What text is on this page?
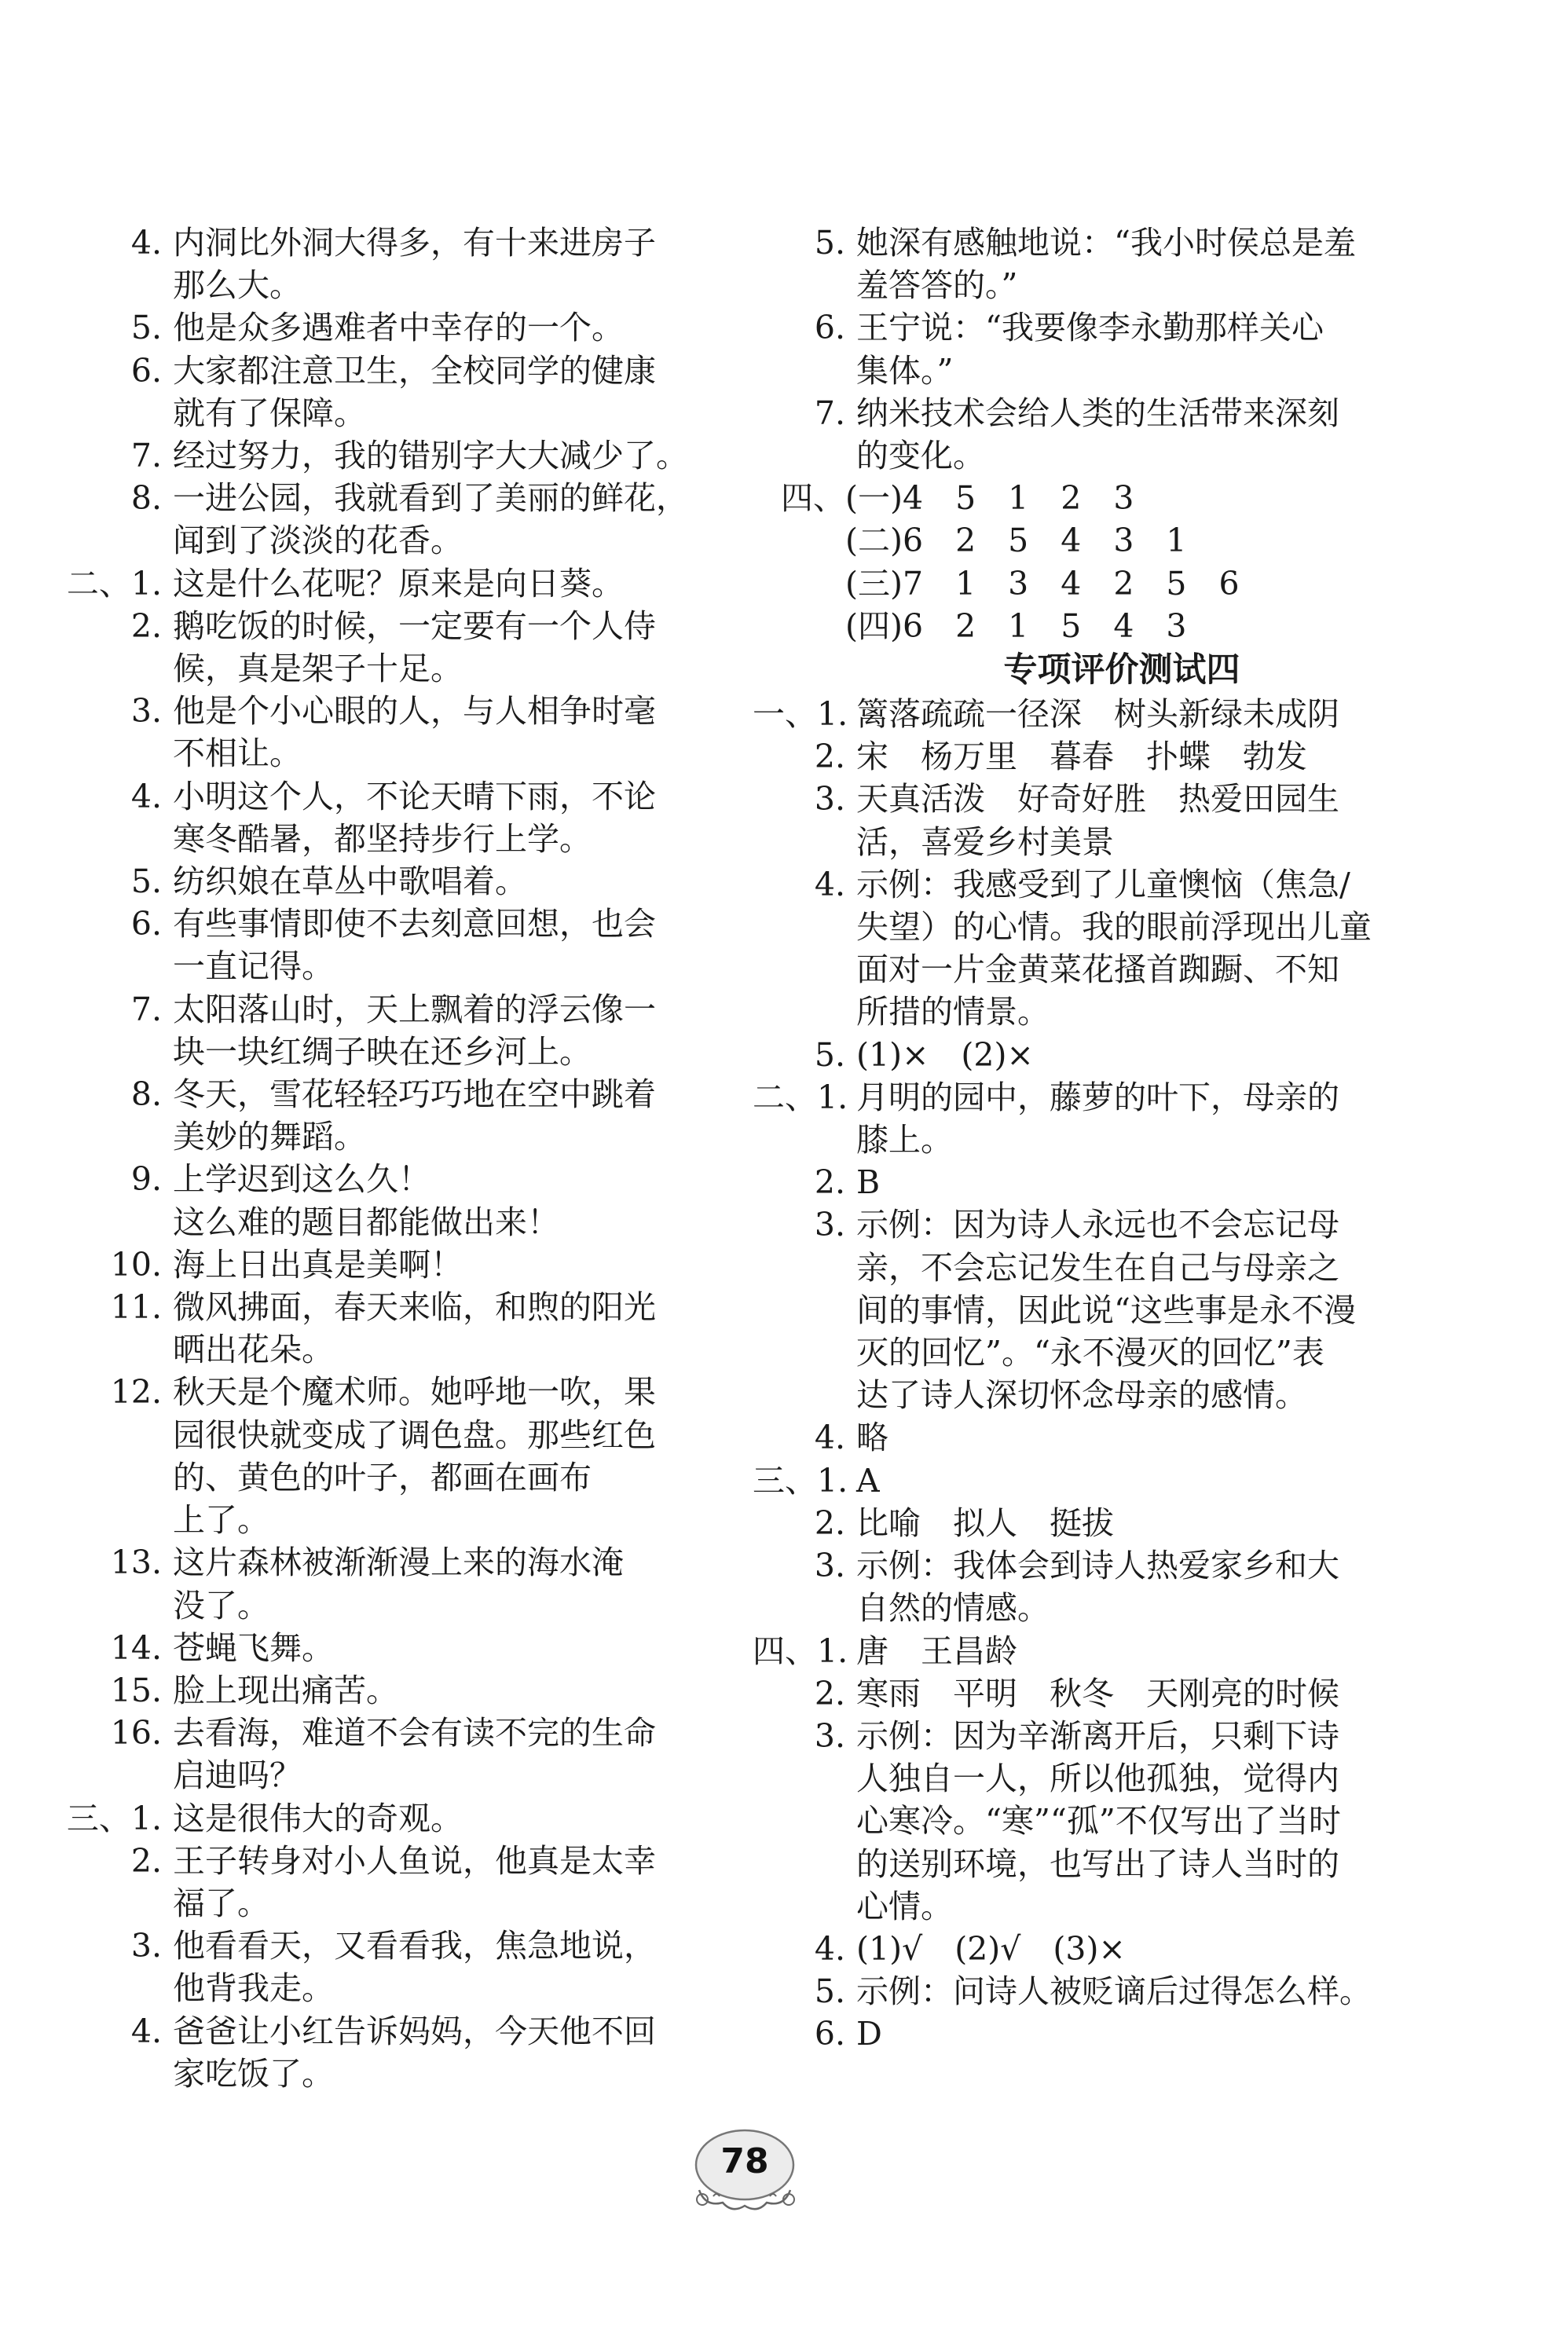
4. 内洞比外洞大得多，有十来进房子
那么大。
5. 他是众多遇难者中幸存的一个。
6. 大家都注意卫生，全校同学的健康
就有了保障。
7. 经过努力，我的错别字大大减少了。
8. 一进公园，我就看到了美丽的鲜花，
闻到了淡淡的花香。
二、1. 这是什么花呢？原来是向日葵。
2. 鹅吃饭的时候，一定要有一个人侍
候，真是架子十足。
3. 他是个小心眼的人，与人相争时毫
不相让。
4. 小明这个人，不论天晴下雨，不论
寒冬酷暑，都坚持步行上学。
5. 纺织娘在草丛中歌唱着。
6. 有些事情即使不去刻意回想，也会
一直记得。
7. 太阳落山时，天上飘着的浮云像一
块一块红绸子映在还乡河上。
8. 冬天，雪花轻轻巧巧地在空中跳着
美妙的舞蹈。
9. 上学迟到这么久！
这么难的题目都能做出来！
10. 海上日出真是美啊！
11. 微风拂面，春天来临，和煦的阳光
晒出花朵。
12. 秋天是个魔术师。她呼地一吹，果
园很快就变成了调色盘。那些红色
的、黄色的叶子，都画在画布
上了。
13. 这片森林被渐渐漫上来的海水淹
没了。
14. 苍蝇飞舞。
15. 脸上现出痛苦。
16. 去看海，难道不会有读不完的生命
启迪吗？
三、1. 这是很伟大的奇观。
2. 王子转身对小人鱼说，他真是太幸
福了。
3. 他看看天，又看看我，焦急地说，
他背我走。
4. 爸爸让小红告诉妈妈，今天他不回
家吃饭了。
5. 她深有感触地说：“我小时侯总是羞
羞答答的。”
6. 王宁说：“我要像李永勤那样关心
集体。”
7. 纳米技术会给人类的生活带来深刻
的变化。
四、 (一)4　5　1　2　3
(二)6　2　5　4　3　1
(三)7　1　3　4　2　5　6
(四)6　2　1　5　4　3
专项评价测试四
一、1. 篱落疏疏一径深　树头新绿未成阴
2. 宋　杨万里　暮春　扑蝶　勃发
3. 天真活泼　好奇好胜　热爱田园生
活，喜爱乡村美景
4. 示例：我感受到了儿童懊恼（焦急/
失望）的心情。我的眼前浮现出儿童
面对一片金黄菜花搔首踟蹰、不知
所措的情景。
5. (1)×　(2)×
二、1. 月明的园中，藤萝的叶下，母亲的
膝上。
2. B
3. 示例：因为诗人永远也不会忘记母
亲，不会忘记发生在自己与母亲之
间的事情，因此说“这些事是永不漫
灭的回忆”。“永不漫灭的回忆”表
达了诗人深切怀念母亲的感情。
4. 略
三、1. A
2. 比喻　拟人　挺拔
3. 示例：我体会到诗人热爱家乡和大
自然的情感。
四、1. 唐　王昌龄
2. 寒雨　平明　秋冬　天刚亮的时候
3. 示例：因为辛渐离开后，只剩下诗
人独自一人，所以他孤独，觉得内
心寒冷。“寒”“孤”不仅写出了当时
的送别环境，也写出了诗人当时的
心情。
4. (1)√　(2)√　(3)×
5. 示例：问诗人被贬谪后过得怎么样。
6. D
78
